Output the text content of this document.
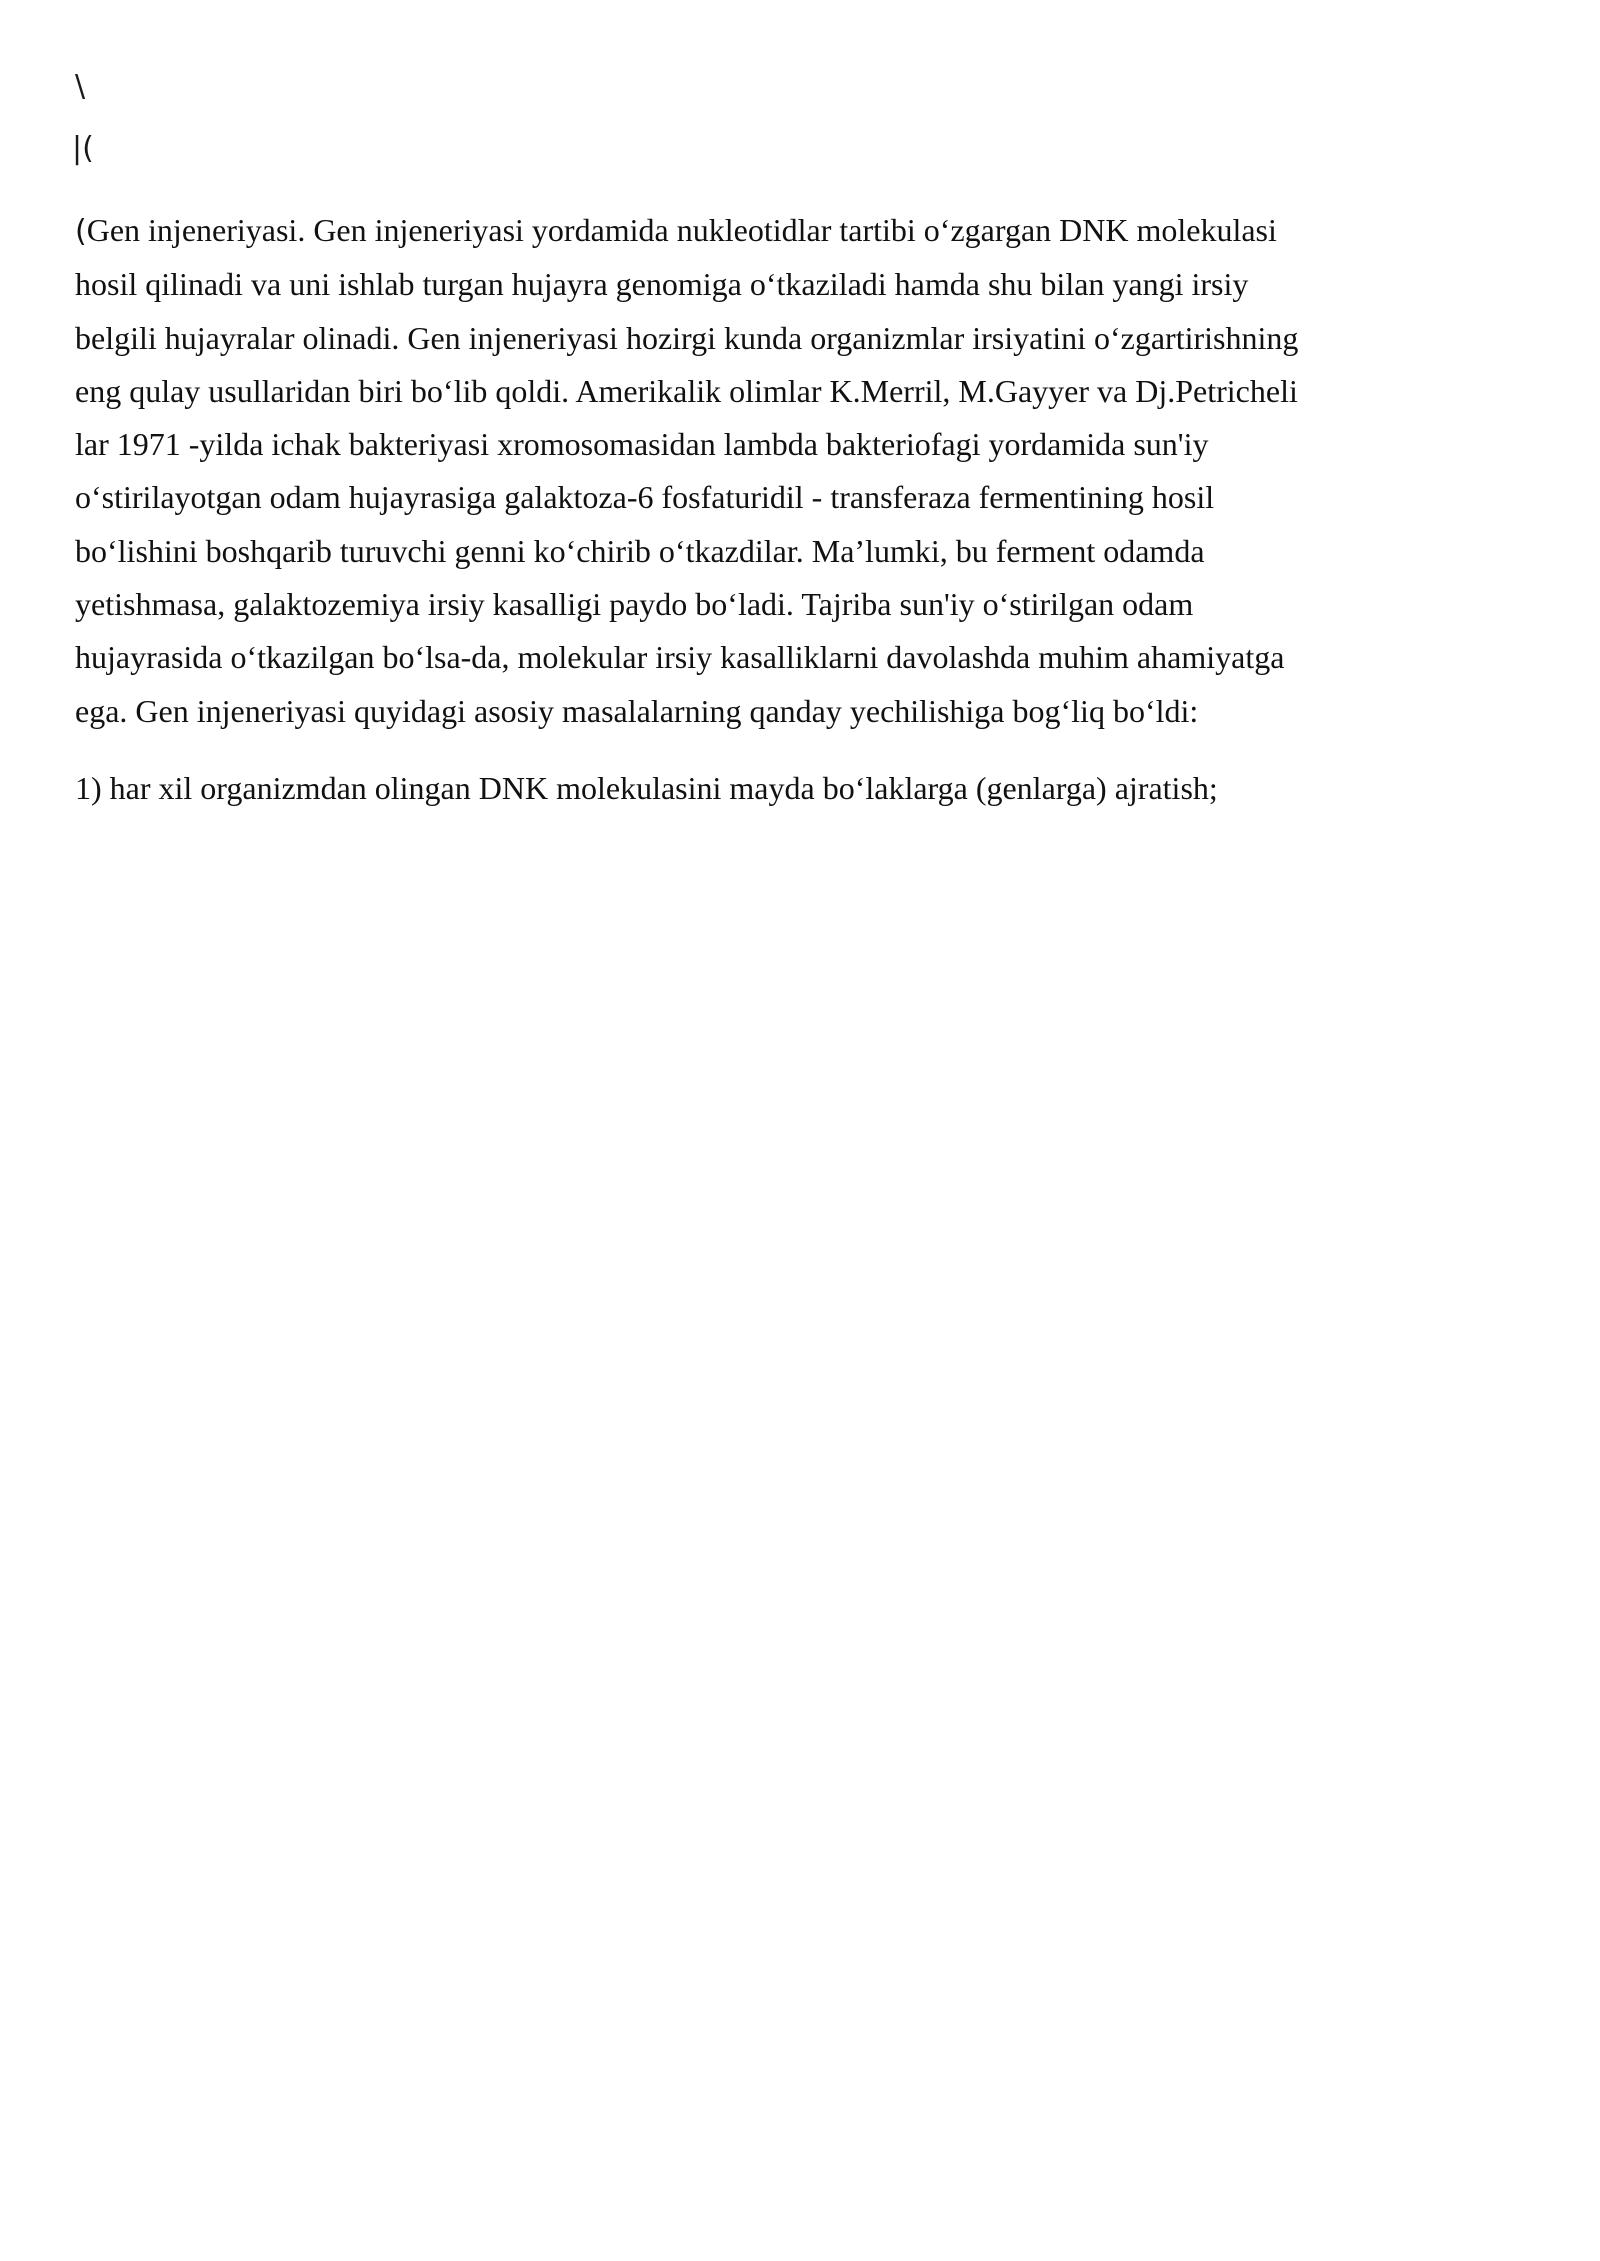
\
|(

(Gen injeneriyasi. Gen injeneriyasi yordamida nukleotidlar tartibi o‘zgargan DNK molekulasi
hosil qilinadi va uni ishlab turgan hujayra genomiga o‘tkaziladi hamda shu bilan yangi irsiy
belgili hujayralar olinadi. Gen injeneriyasi hozirgi kunda organizmlar irsiyatini o‘zgartirishning
eng qulay usullaridan biri bo‘lib qoldi. Amerikalik olimlar K.Merril, M.Gayyer va Dj.Petricheli
lar 1971 -yilda ichak bakteriyasi xromosomasidan lambda bakteriofagi yordamida sun'iy
o‘stirilayotgan odam hujayrasiga galaktoza-6 fosfaturidil - transferaza fermentining hosil
bo‘lishini boshqarib turuvchi genni ko‘chirib o‘tkazdilar. Ma’lumki, bu ferment odamda
yetishmasa, galaktozemiya irsiy kasalligi paydo bo‘ladi. Tajriba sun'iy o‘stirilgan odam
hujayrasida o‘tkazilgan bo‘lsa-da, molekular irsiy kasalliklarni davolashda muhim ahamiyatga
ega. Gen injeneriyasi quyidagi asosiy masalalarning qanday yechilishiga bog‘liq bo‘ldi:

1) har xil organizmdan olingan DNK molekulasini mayda bo‘laklarga (genlarga) ajratish;
